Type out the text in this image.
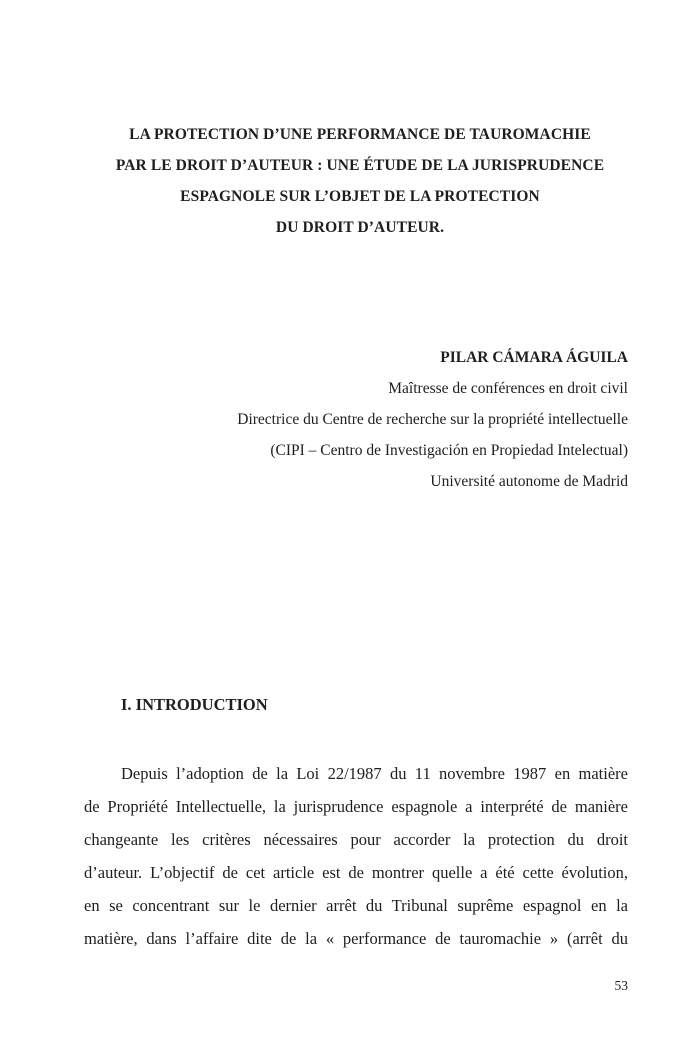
LA PROTECTION D’UNE PERFORMANCE DE TAUROMACHIE
PAR LE DROIT D’AUTEUR : UNE ÉTUDE DE LA JURISPRUDENCE
ESPAGNOLE SUR L’OBJET DE LA PROTECTION
DU DROIT D’AUTEUR.
PILAR CÁMARA ÁGUILA
Maîtresse de conférences en droit civil
Directrice du Centre de recherche sur la propriété intellectuelle
(CIPI – Centro de Investigación en Propiedad Intelectual)
Université autonome de Madrid
I. INTRODUCTION
Depuis l’adoption de la Loi 22/1987 du 11 novembre 1987 en matière
de Propriété Intellectuelle, la jurisprudence espagnole a interprété de manière
changeante les critères nécessaires pour accorder la protection du droit
d’auteur. L’objectif de cet article est de montrer quelle a été cette évolution,
en se concentrant sur le dernier arrêt du Tribunal suprême espagnol en la
matière, dans l’affaire dite de la « performance de tauromachie » (arrêt du
53
